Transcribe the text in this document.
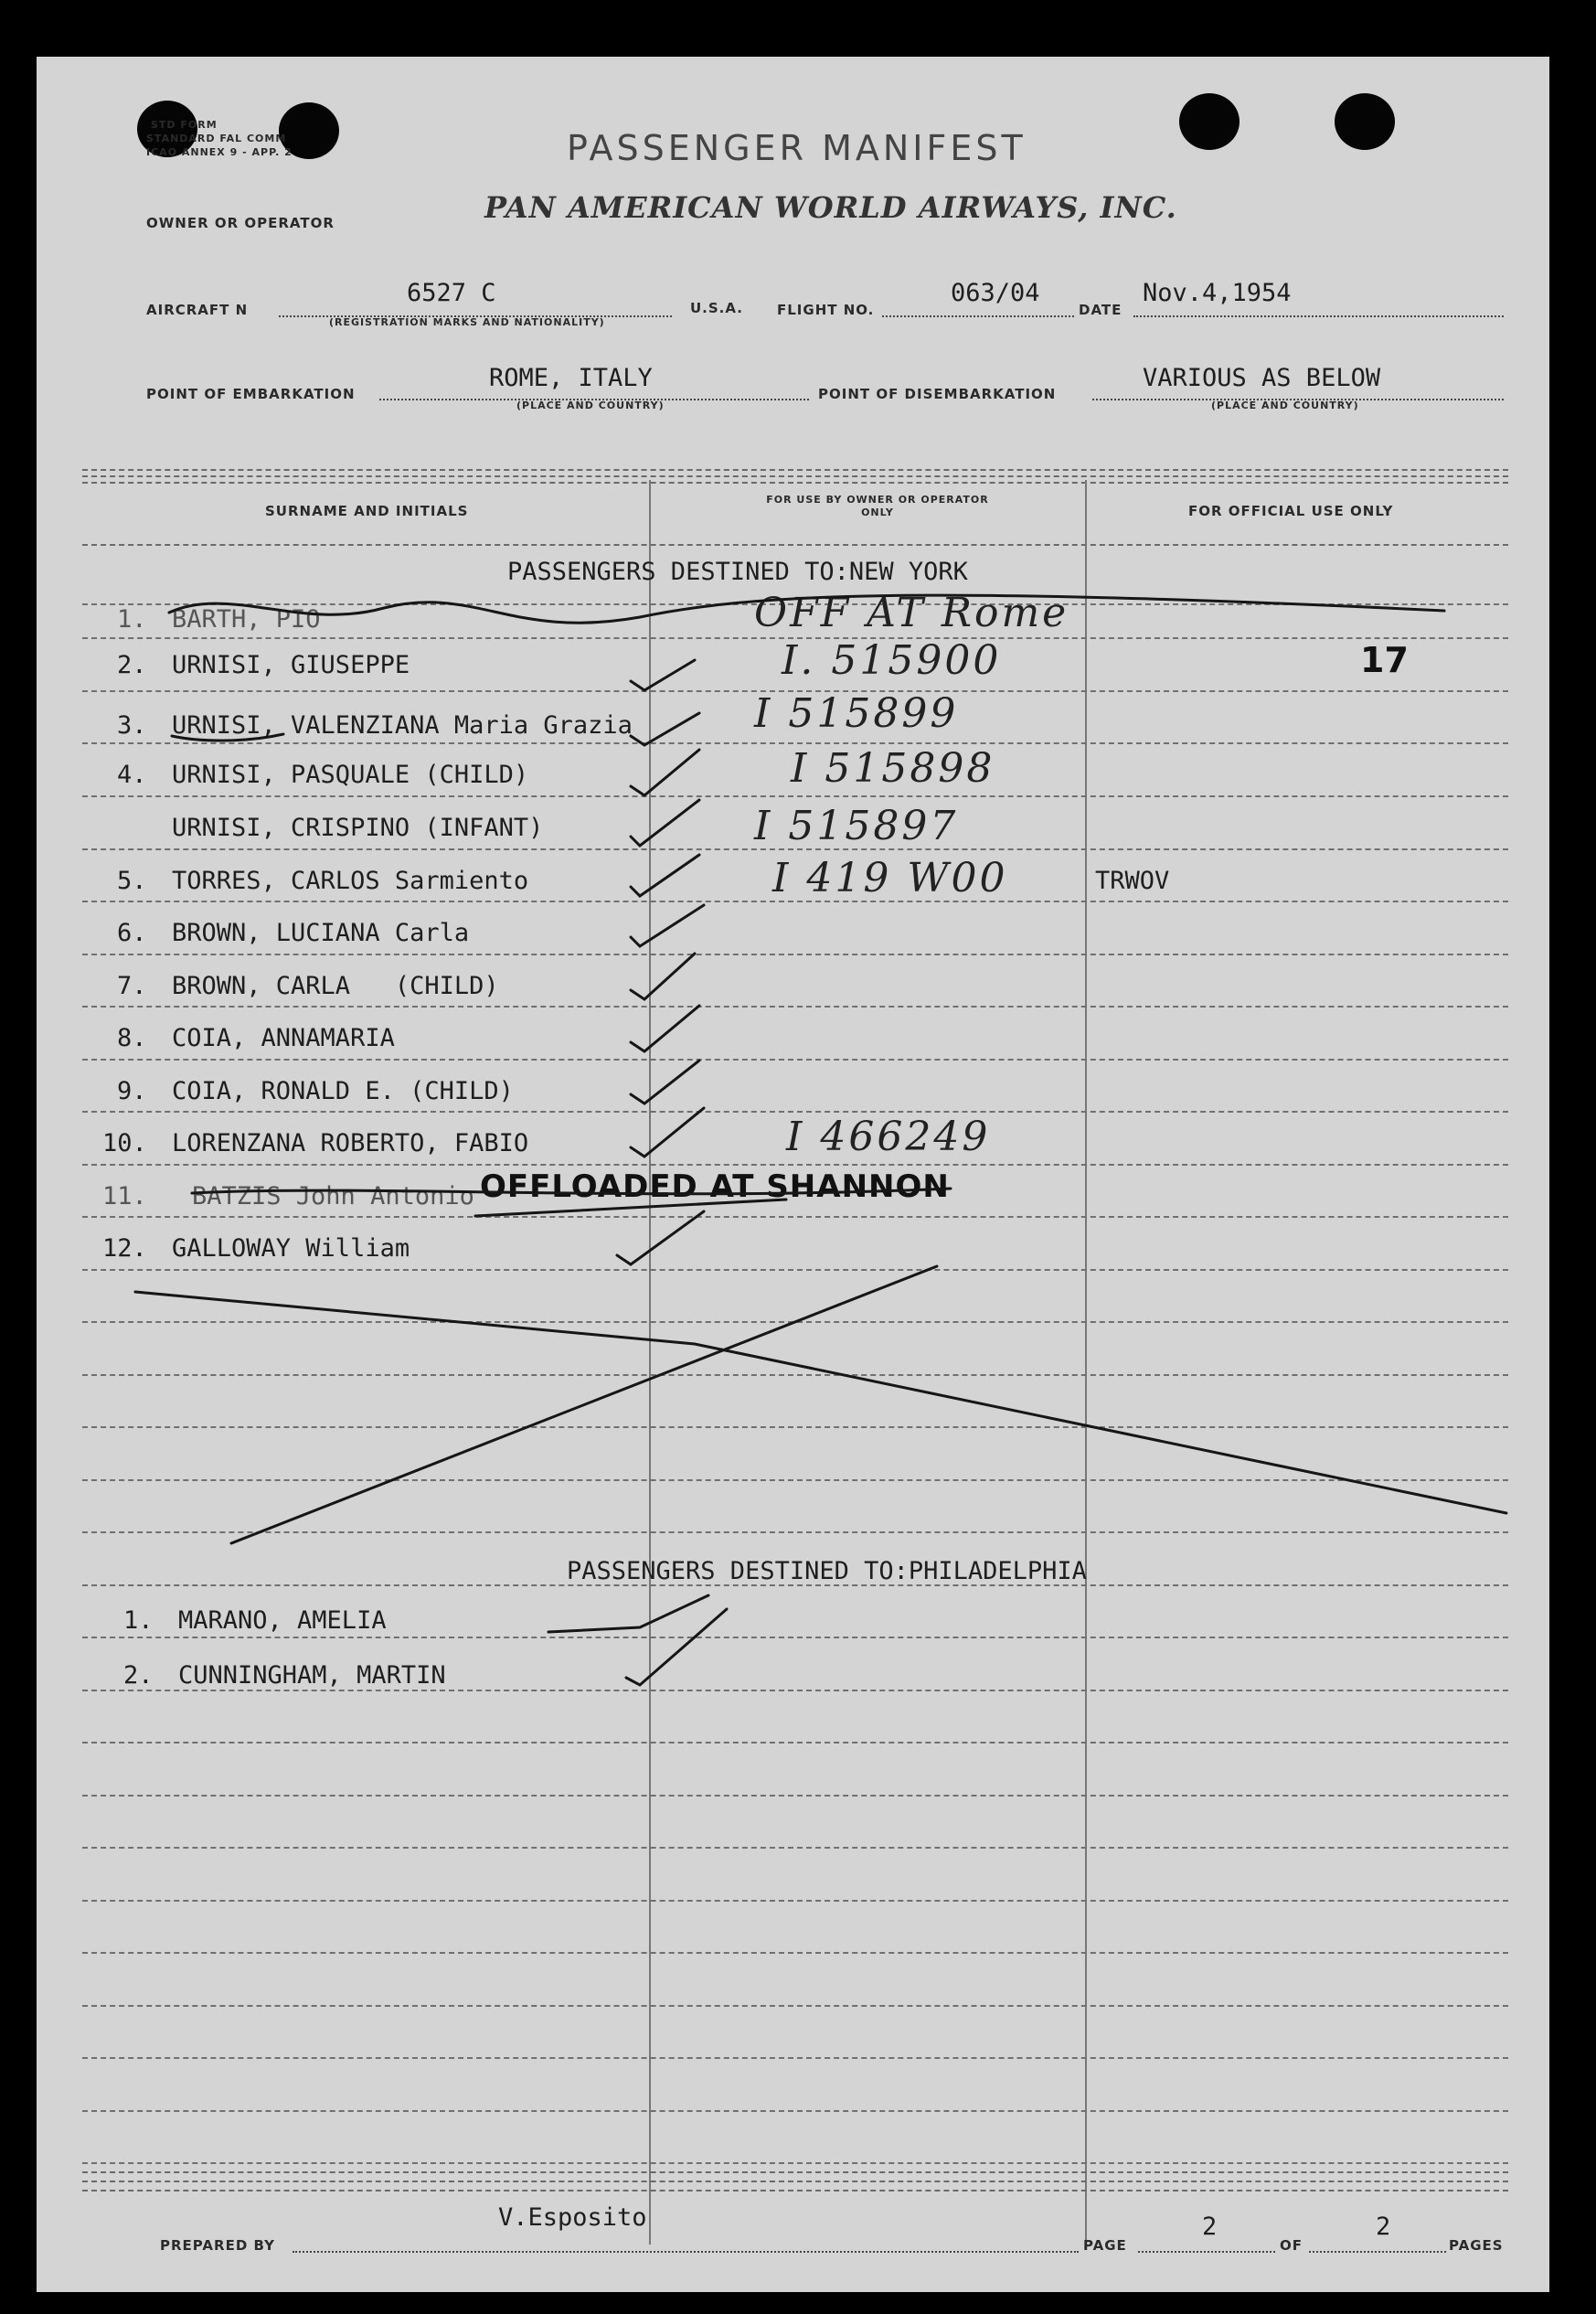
STD FORM
STANDARD FAL COMM
ICAO ANNEX 9 - APP. 2	PASSENGER MANIFEST
PAN AMERICAN WORLD AIRWAYS, INC.
OWNER OR OPERATOR
AIRCRAFT N
6527 C
(REGISTRATION MARKS AND NATIONALITY)
U.S.A. FLIGHT NO.
063/04
DATE
Nov.4,1954
POINT OF EMBARKATION
ROME, ITALY
(PLACE AND COUNTRY)
POINT OF DISEMBARKATION
VARIOUS AS BELOW
(PLACE AND COUNTRY)
SURNAME AND INITIALS
FOR USE BY OWNER OR OPERATOR ONLY	FOR OFFICIAL USE ONLY
PASSENGERS DESTINED TO:NEW YORK
1. BARTH, PIO	OFF AT Rome
2. URNISI, GIUSEPPE	I. 515900	17
3. URNISI, VALENZIANA Maria Grazia	I 515899
4. URNISI, PASQUALE (CHILD)	I 515898
URNISI, CRISPINO (INFANT)	I 515897
5. TORRES, CARLOS Sarmiento	I 419 W00	TRWOV
6. BROWN, LUCIANA Carla
7. BROWN, CARLA   (CHILD)
8. COIA, ANNAMARIA
9. COIA, RONALD E. (CHILD)
10. LORENZANA ROBERTO, FABIO	I 466249
11. BATZIS John Antonio OFFLOADED AT SHANNON
12. GALLOWAY William
PASSENGERS DESTINED TO:PHILADELPHIA
1. MARANO, AMELIA
2. CUNNINGHAM, MARTIN
PREPARED BY
V.Esposito
PAGE
2
OF
2
PAGES
